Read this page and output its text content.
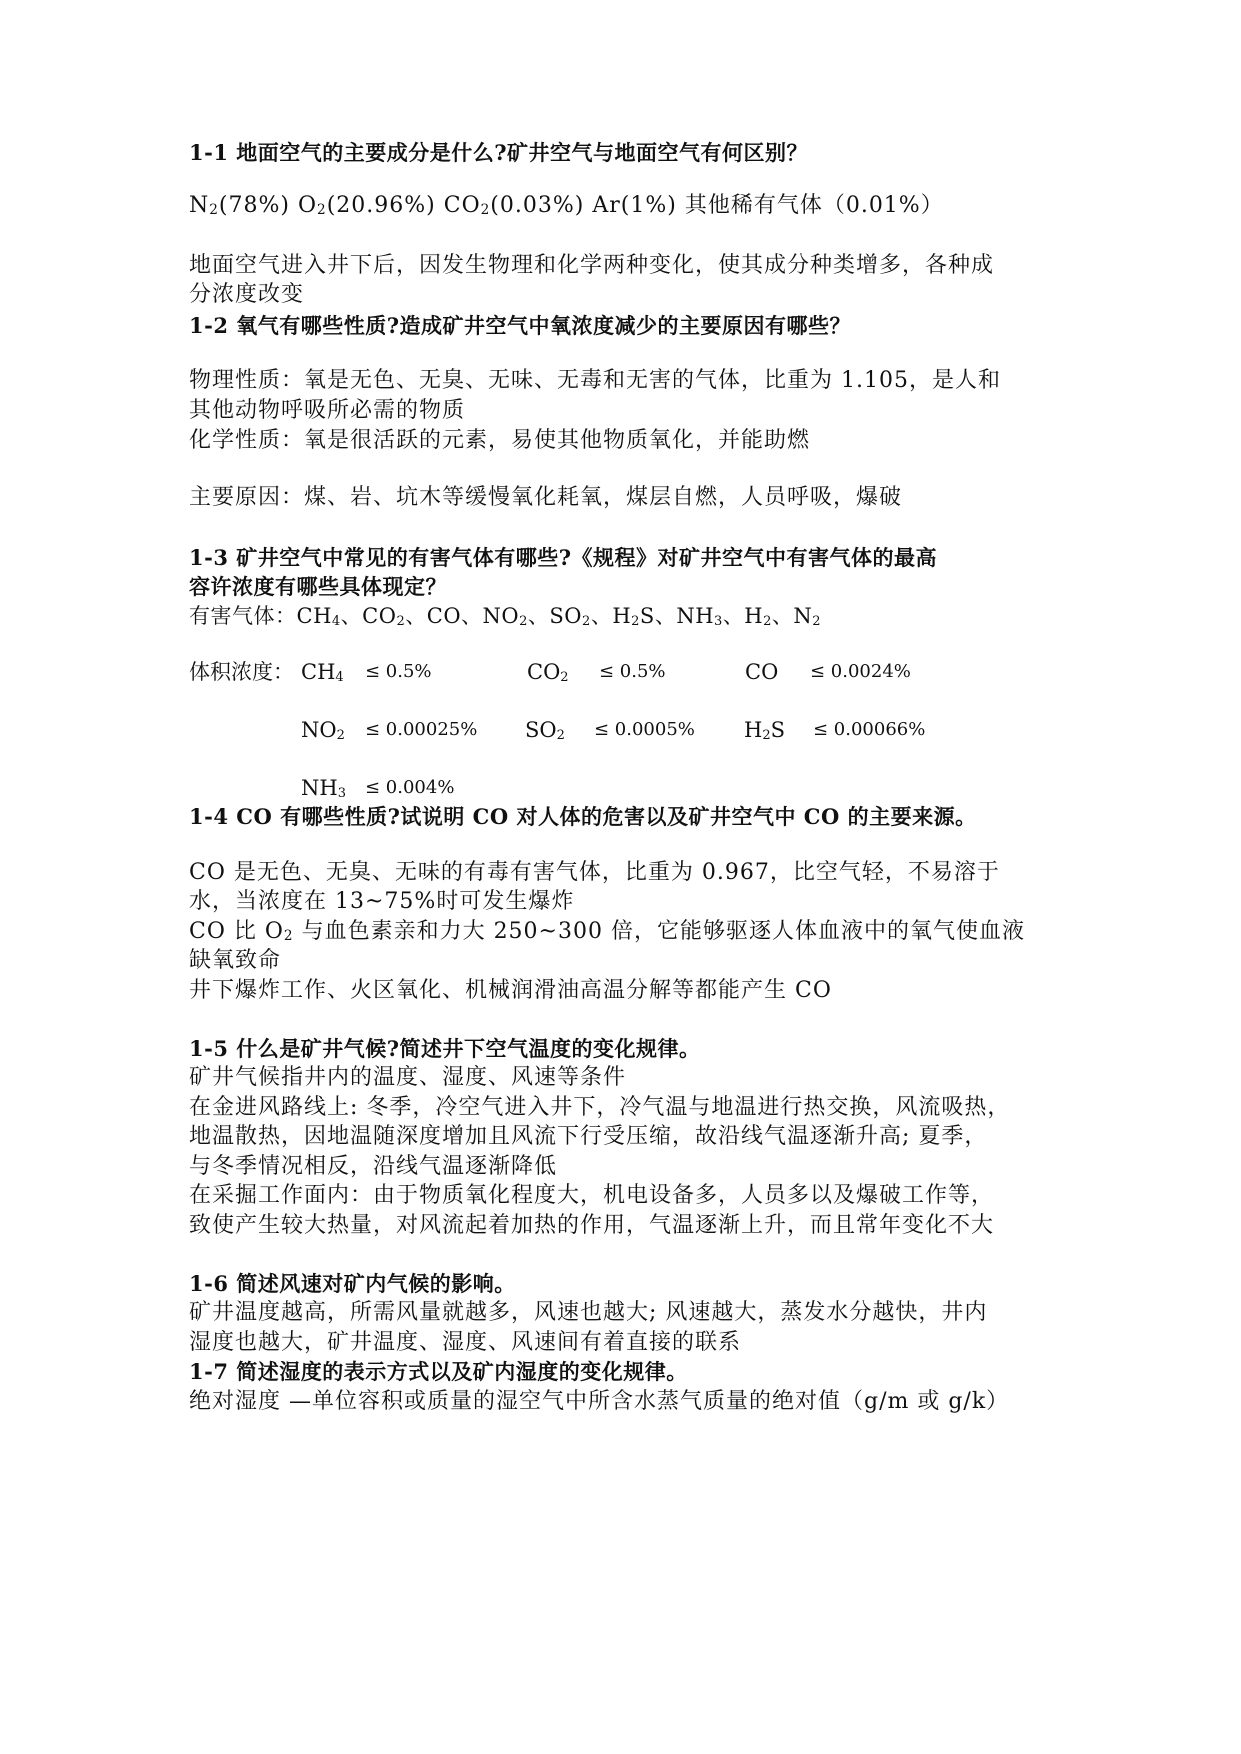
1-1 地面空气的主要成分是什么?矿井空气与地面空气有何区别？
$N_2(78\%)$ $O_2(20.96\%)$ $CO_2(0.03\%)$ Ar(1%) 其他稀有气体（0.01%）
地面空气进入井下后，因发生物理和化学两种变化，使其成分种类增多，各种成
分浓度改变
1-2 氧气有哪些性质?造成矿井空气中氧浓度减少的主要原因有哪些？
物理性质：氧是无色、无臭、无味、无毒和无害的气体，比重为 1.105，是人和
其他动物呼吸所必需的物质
化学性质：氧是很活跃的元素，易使其他物质氧化，并能助燃
主要原因：煤、岩、坑木等缓慢氧化耗氧，煤层自燃，人员呼吸，爆破
1-3 矿井空气中常见的有害气体有哪些?《规程》对矿井空气中有害气体的最高
容许浓度有哪些具体现定？
有害气体：$CH_4$、$CO_2$、CO、$NO_2$、$SO_2$、$H_2S$、$NH_3$、$H_2$、$N_2$
体积浓度： $CH_4 \le 0.5\%$	$CO_2 \le 0.5\%$	CO ≤ 0.0024%
$NO_2 \le 0.00025\%$ $SO_2 \le 0.0005\%$ $H_2S \le 0.00066\%$
$NH_3 \le 0.004\%$
1-4 CO 有哪些性质?试说明 CO 对人体的危害以及矿井空气中 CO 的主要来源。
CO 是无色、无臭、无味的有毒有害气体，比重为 0.967，比空气轻，不易溶于
水，当浓度在 13~75%时可发生爆炸
CO 比 $O_2$ 与血色素亲和力大 250~300 倍，它能够驱逐人体血液中的氧气使血液
缺氧致命
井下爆炸工作、火区氧化、机械润滑油高温分解等都能产生 CO
1-5 什么是矿井气候?简述井下空气温度的变化规律。
矿井气候指井内的温度、湿度、风速等条件
在金进风路线上: 冬季，冷空气进入井下，冷气温与地温进行热交换，风流吸热，
地温散热，因地温随深度增加且风流下行受压缩，故沿线气温逐渐升高; 夏季，
与冬季情况相反，沿线气温逐渐降低
在采掘工作面内：由于物质氧化程度大，机电设备多，人员多以及爆破工作等，
致使产生较大热量，对风流起着加热的作用，气温逐渐上升，而且常年变化不大
1-6 简述风速对矿内气候的影响。
矿井温度越高，所需风量就越多，风速也越大; 风速越大，蒸发水分越快，井内
湿度也越大，矿井温度、湿度、风速间有着直接的联系
1-7 简述湿度的表示方式以及矿内湿度的变化规律。
绝对湿度 —单位容积或质量的湿空气中所含水蒸气质量的绝对值（g/m 或 g/k）
